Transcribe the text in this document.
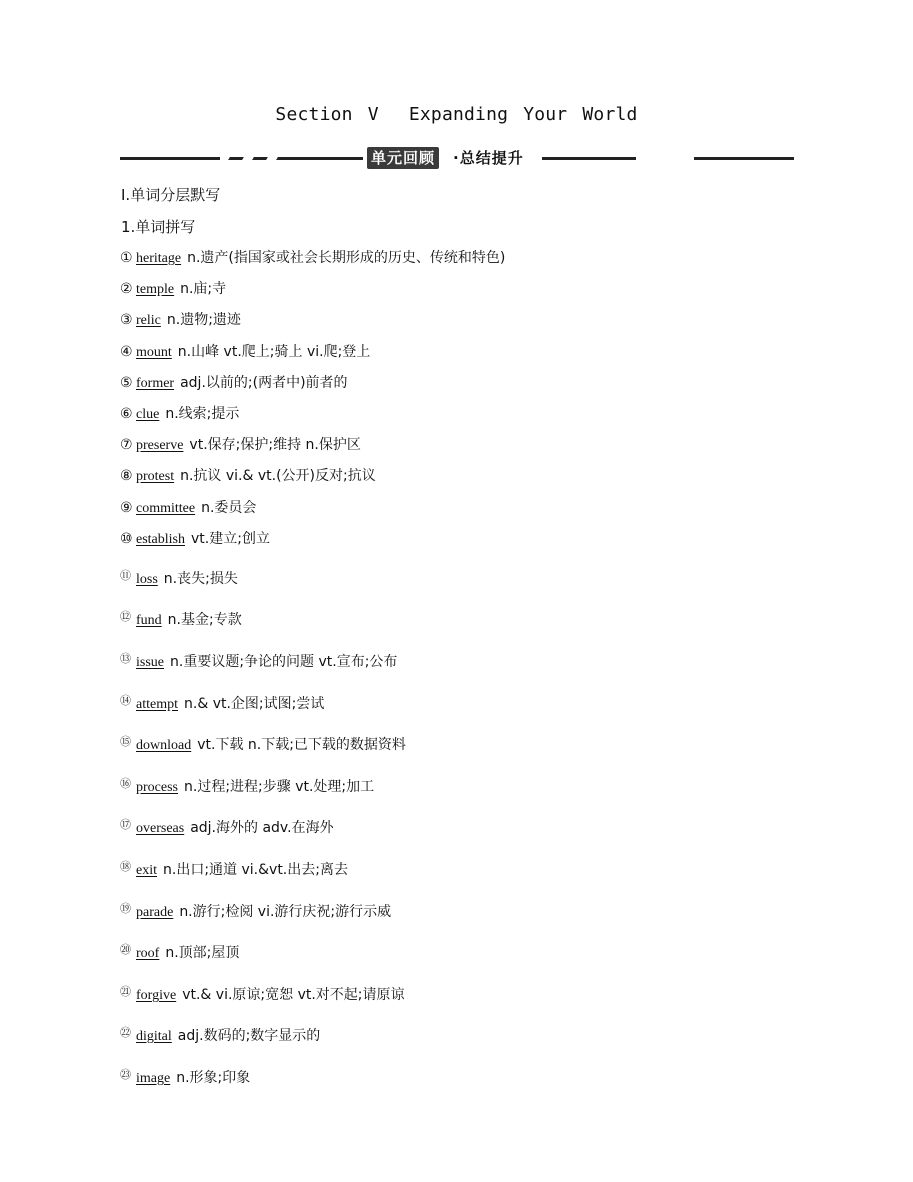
Section V  Expanding Your World
单元回顾 ·总结提升
Ⅰ.单词分层默写
1.单词拼写
① heritage n.遗产(指国家或社会长期形成的历史、传统和特色)
② temple n.庙;寺
③ relic n.遗物;遗迹
④ mount n.山峰 vt.爬上;骑上 vi.爬;登上
⑤ former adj.以前的;(两者中)前者的
⑥ clue n.线索;提示
⑦ preserve vt.保存;保护;维持 n.保护区
⑧ protest n.抗议 vi.& vt.(公开)反对;抗议
⑨ committee n.委员会
⑩ establish vt.建立;创立
⑪ loss n.丧失;损失
⑫ fund n.基金;专款
⑬ issue n.重要议题;争论的问题 vt.宣布;公布
⑭ attempt n.& vt.企图;试图;尝试
⑮ download vt.下载 n.下载;已下载的数据资料
⑯ process n.过程;进程;步骤 vt.处理;加工
⑰ overseas adj.海外的 adv.在海外
⑱ exit n.出口;通道 vi.&vt.出去;离去
⑲ parade n.游行;检阅 vi.游行庆祝;游行示威
⑳ roof n.顶部;屋顶
㉑ forgive vt.& vi.原谅;宽恕 vt.对不起;请原谅
㉒ digital adj.数码的;数字显示的
㉓ image n.形象;印象
